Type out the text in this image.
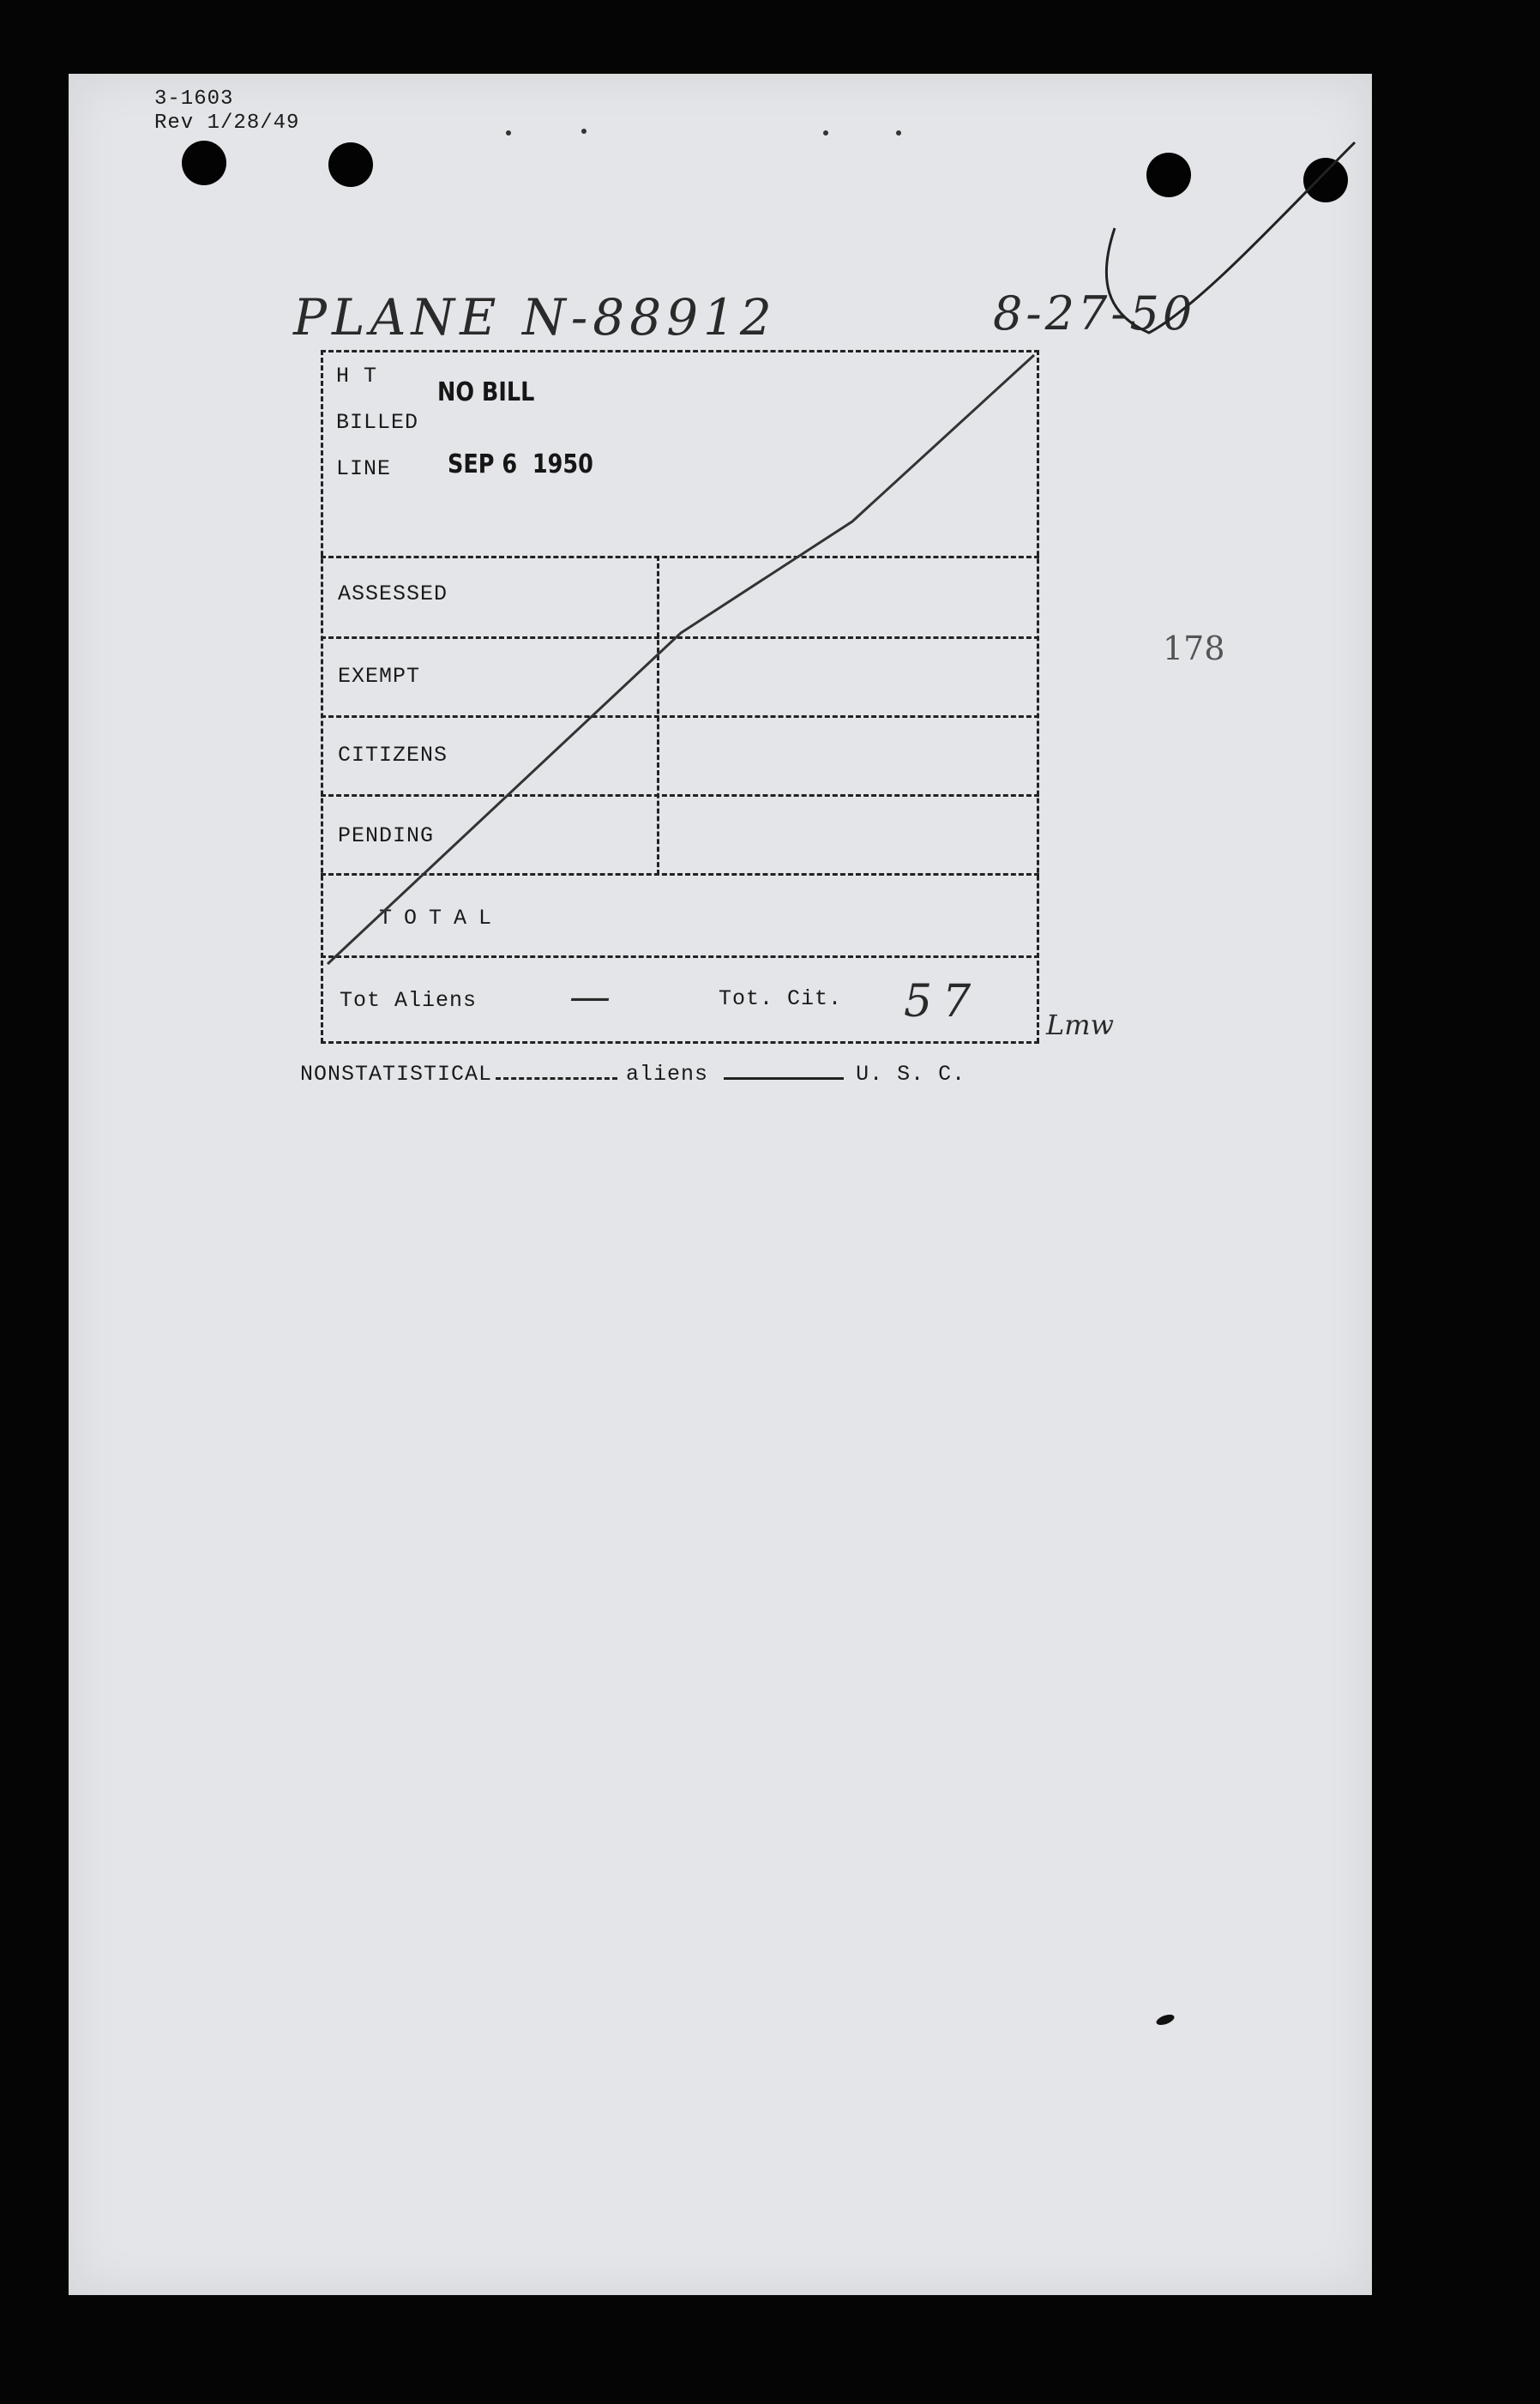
3-1603
Rev 1/28/49
PLANE N-88912	8-27-50
H T
BILLED
LINE
NO BILL
SEP 6  1950
ASSESSED
EXEMPT
CITIZENS
PENDING
TOTAL
Tot Aliens —	Tot. Cit. 57 Lmw
NONSTATISTICAL	aliens	U. S. C.
178
